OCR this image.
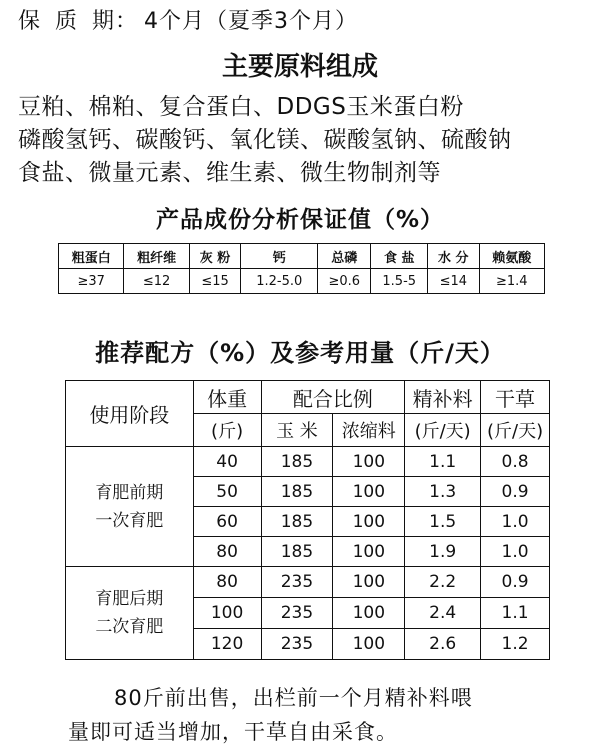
保 质 期： 4个月（夏季3个月）
主要原料组成
豆粕、棉粕、复合蛋白、DDGS玉米蛋白粉
磷酸氢钙、碳酸钙、氧化镁、碳酸氢钠、硫酸钠
食盐、微量元素、维生素、微生物制剂等
产品成份分析保证值（%）
粗蛋白	粗纤维	灰 粉	钙	总磷	食 盐	水 分	赖氨酸
≥37	≤12	≤15	1.2-5.0	≥0.6	1.5-5	≤14	≥1.4
推荐配方（%）及参考用量（斤/天）
使用阶段	体重	配合比例		精补料	干草
	(斤)	玉 米	浓缩料	(斤/天)	(斤/天)

育肥前期
一次育肥	40	185	100	1.1	0.8
	50	185	100	1.3	0.9
	60	185	100	1.5	1.0
	80	185	100	1.9	1.0

育肥后期
二次育肥	80	235	100	2.2	0.9
	100	235	100	2.4	1.1
	120	235	100	2.6	1.2
80斤前出售，出栏前一个月精补料喂
量即可适当增加，干草自由采食。
